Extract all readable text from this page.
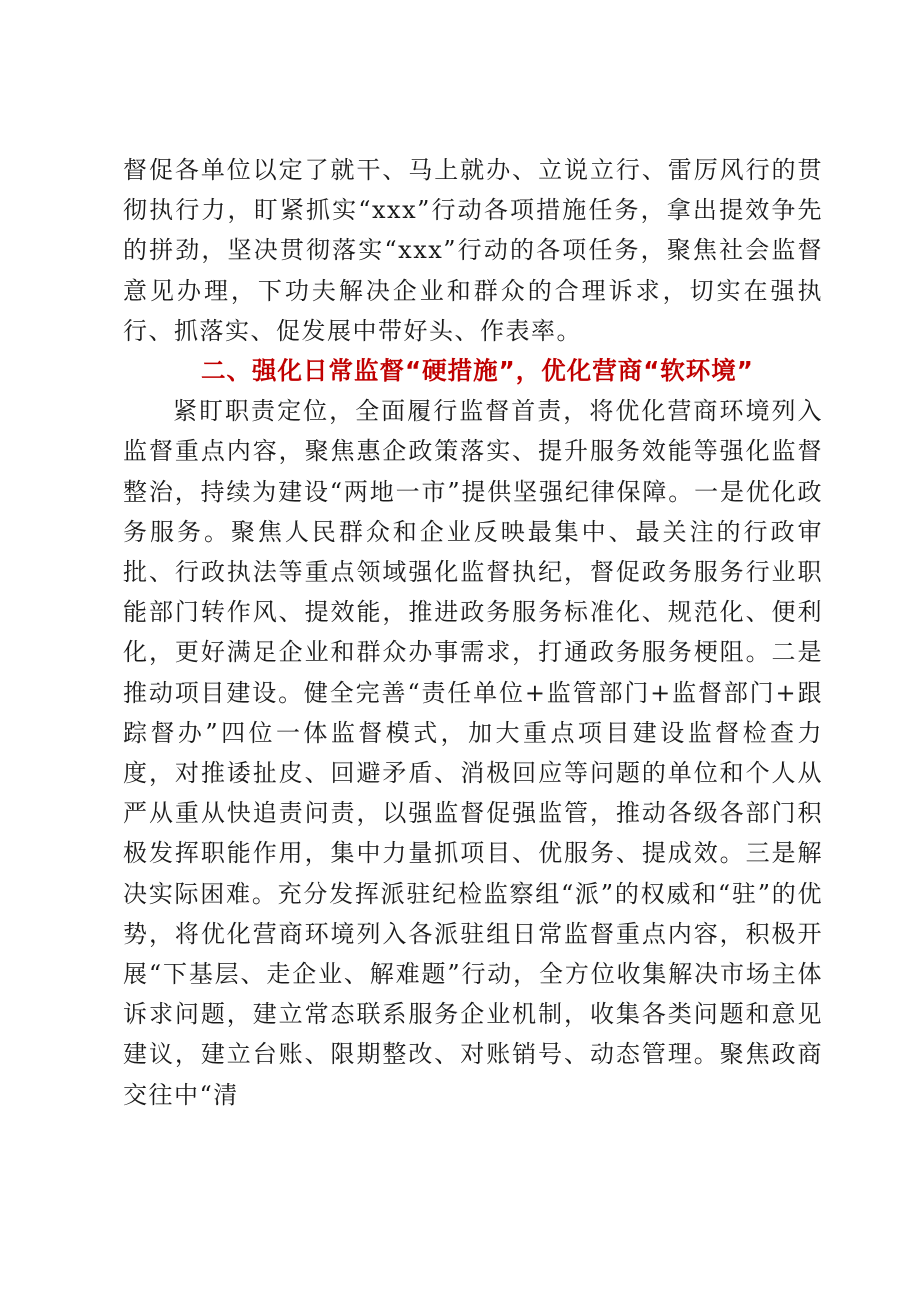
督促各单位以定了就干、马上就办、立说立行、雷厉风行的贯彻执行力，盯紧抓实“xxx”行动各项措施任务，拿出提效争先的拼劲，坚决贯彻落实“xxx”行动的各项任务，聚焦社会监督意见办理，下功夫解决企业和群众的合理诉求，切实在强执行、抓落实、促发展中带好头、作表率。

二、强化日常监督“硬措施”，优化营商“软环境”

紧盯职责定位，全面履行监督首责，将优化营商环境列入监督重点内容，聚焦惠企政策落实、提升服务效能等强化监督整治，持续为建设“两地一市”提供坚强纪律保障。一是优化政务服务。聚焦人民群众和企业反映最集中、最关注的行政审批、行政执法等重点领域强化监督执纪，督促政务服务行业职能部门转作风、提效能，推进政务服务标准化、规范化、便利化，更好满足企业和群众办事需求，打通政务服务梗阻。二是推动项目建设。健全完善“责任单位+监管部门+监督部门+跟踪督办”四位一体监督模式，加大重点项目建设监督检查力度，对推诿扯皮、回避矛盾、消极回应等问题的单位和个人从严从重从快追责问责，以强监督促强监管，推动各级各部门积极发挥职能作用，集中力量抓项目、优服务、提成效。三是解决实际困难。充分发挥派驻纪检监察组“派”的权威和“驻”的优势，将优化营商环境列入各派驻组日常监督重点内容，积极开展“下基层、走企业、解难题”行动，全方位收集解决市场主体诉求问题，建立常态联系服务企业机制，收集各类问题和意见建议，建立台账、限期整改、对账销号、动态管理。聚焦政商交往中“清
